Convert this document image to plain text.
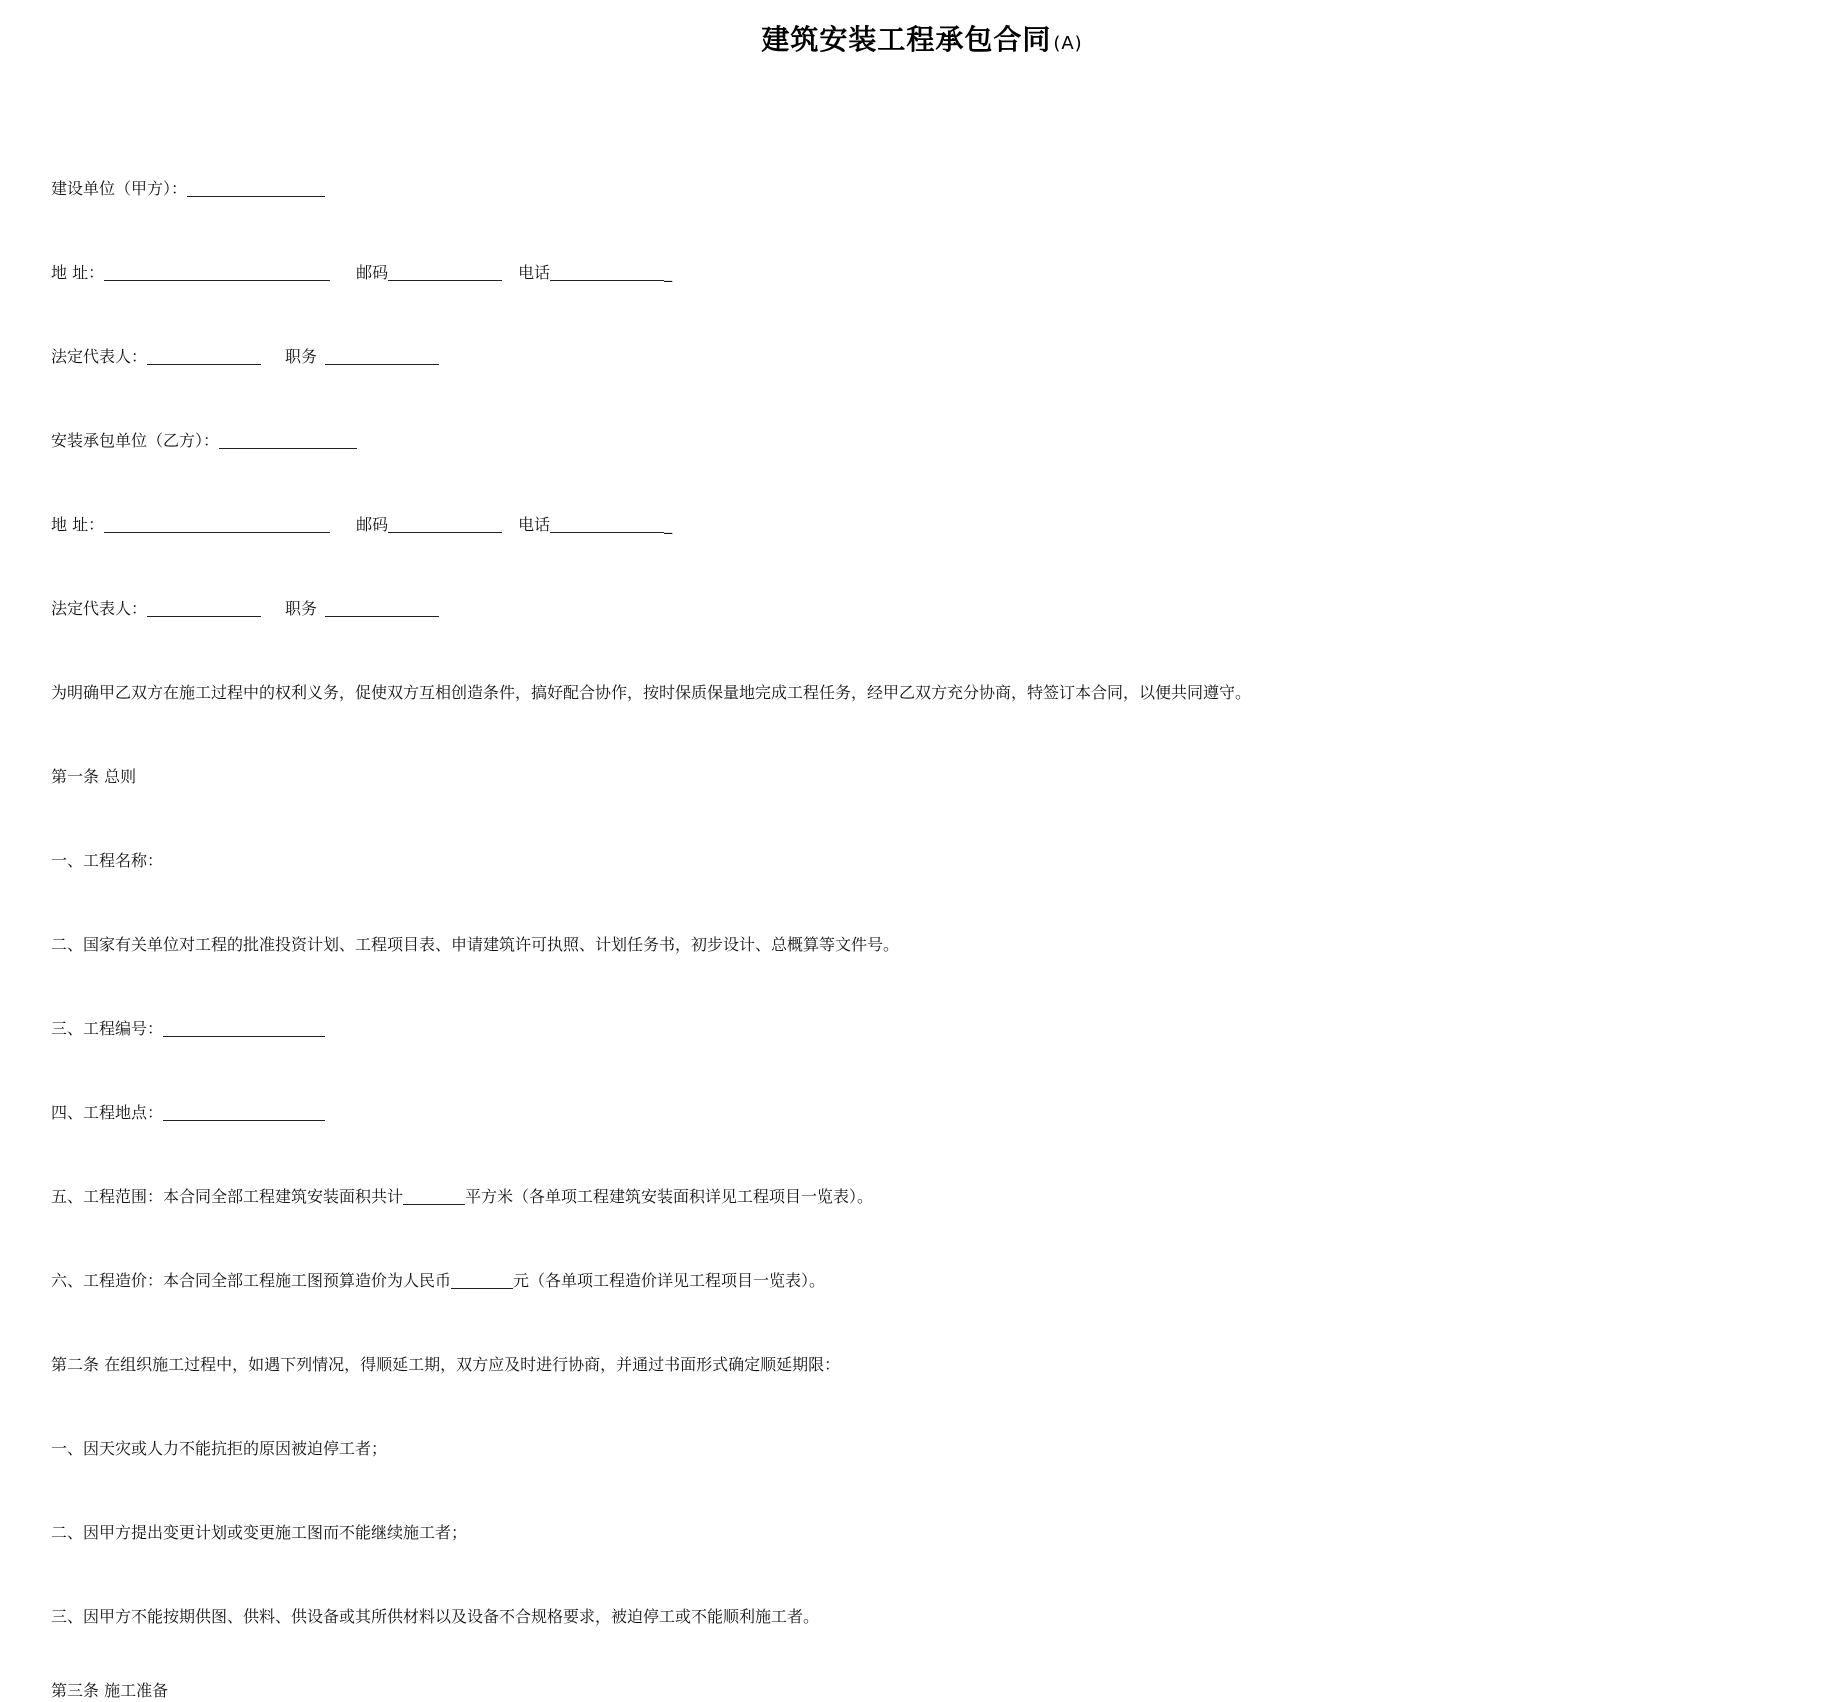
建筑安装工程承包合同 (A)
建设单位（甲方）：
地 址：	邮码	电话	_
法定代表人：	职务
安装承包单位（乙方）：
地 址：	邮码	电话	_
法定代表人：	职务
为明确甲乙双方在施工过程中的权利义务，促使双方互相创造条件，搞好配合协作，按时保质保量地完成工程任务，经甲乙双方充分协商，特签订本合同，以便共同遵守。
第一条 总则
一、工程名称：
二、国家有关单位对工程的批准投资计划、工程项目表、申请建筑许可执照、计划任务书，初步设计、总概算等文件号。
三、工程编号：
四、工程地点：
五、工程范围：本合同全部工程建筑安装面积共计	平方米（各单项工程建筑安装面积详见工程项目一览表）。
六、工程造价：本合同全部工程施工图预算造价为人民币	元（各单项工程造价详见工程项目一览表）。
第二条 在组织施工过程中，如遇下列情况，得顺延工期，双方应及时进行协商，并通过书面形式确定顺延期限：
一、因天灾或人力不能抗拒的原因被迫停工者；
二、因甲方提出变更计划或变更施工图而不能继续施工者；
三、因甲方不能按期供图、供料、供设备或其所供材料以及设备不合规格要求，被迫停工或不能顺利施工者。
第三条 施工准备
